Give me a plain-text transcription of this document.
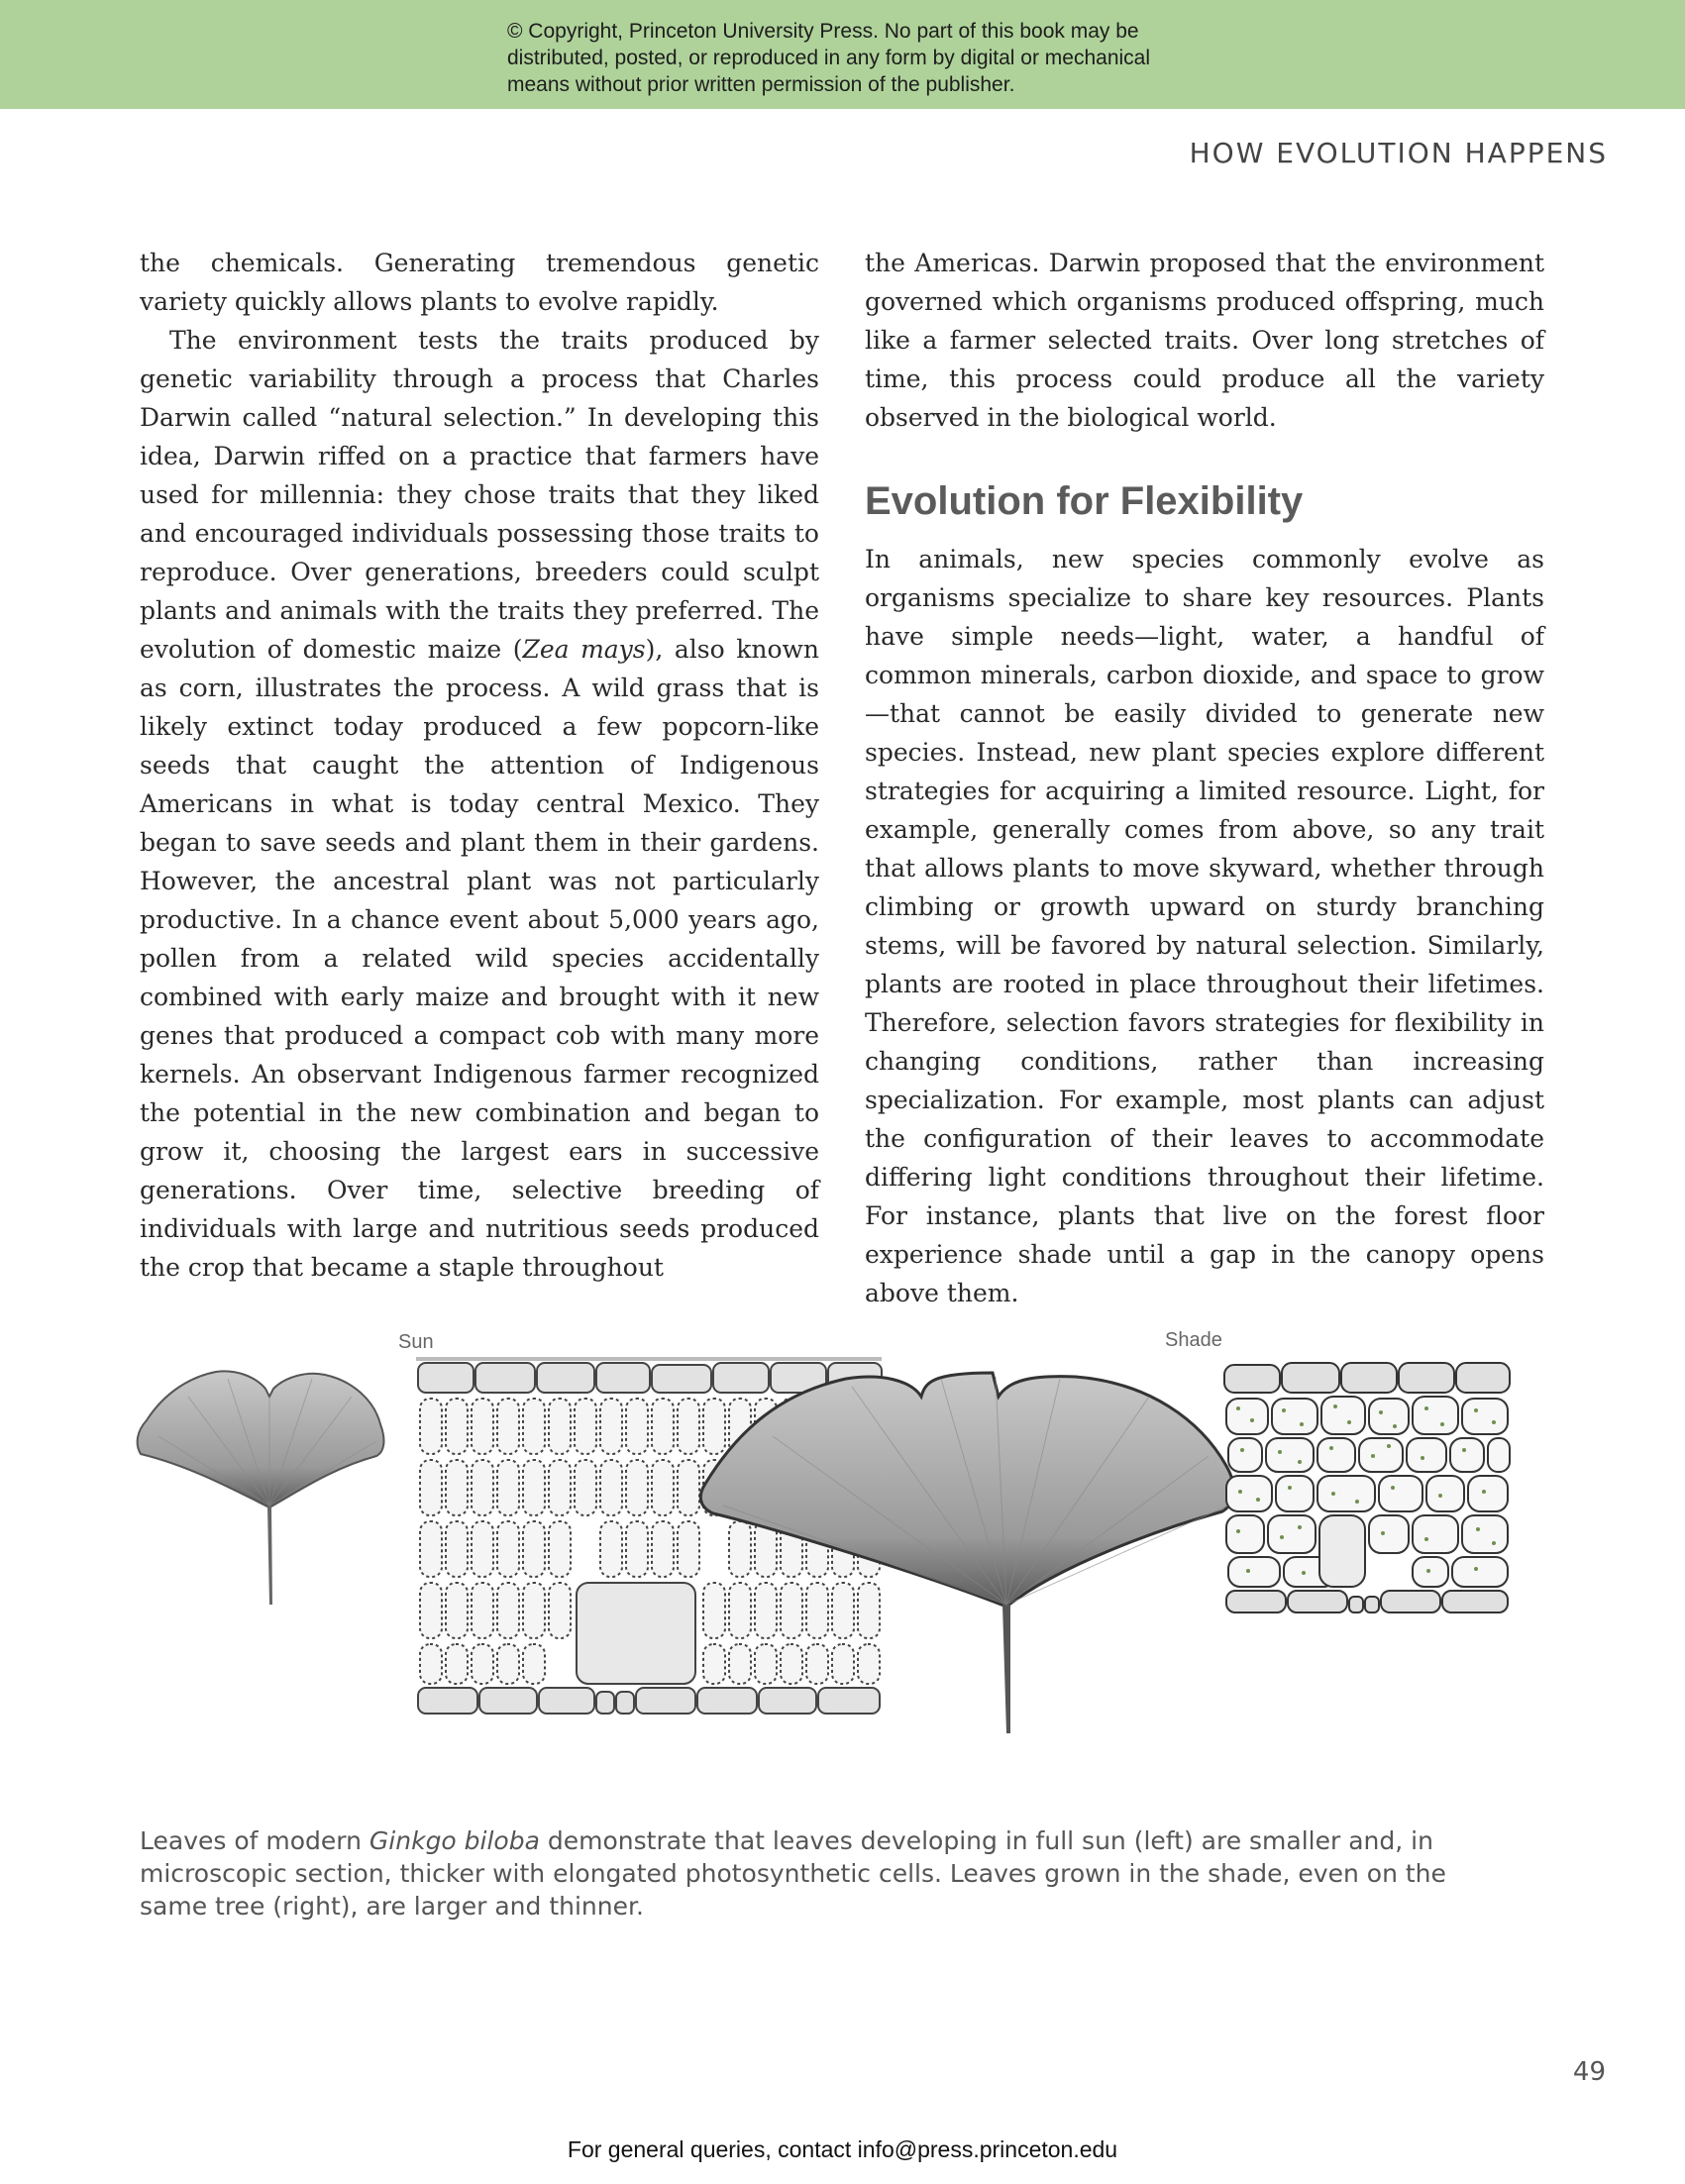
© Copyright, Princeton University Press. No part of this book may be
distributed, posted, or reproduced in any form by digital or mechanical
means without prior written permission of the publisher.
HOW EVOLUTION HAPPENS

the chemicals. Generating tremendous genetic variety quickly allows plants to evolve rapidly.

The environment tests the traits produced by genetic variability through a process that Charles Darwin called “natural selection.” In developing this idea, Darwin riffed on a practice that farmers have used for millennia: they chose traits that they liked and encouraged individuals possessing those traits to reproduce. Over generations, breeders could sculpt plants and animals with the traits they preferred. The evolution of domestic maize (Zea mays), also known as corn, illustrates the process. A wild grass that is likely extinct today produced a few popcorn-like seeds that caught the attention of Indigenous Americans in what is today central Mexico. They began to save seeds and plant them in their gardens. However, the ancestral plant was not particularly productive. In a chance event about 5,000 years ago, pollen from a related wild species accidentally combined with early maize and brought with it new genes that produced a compact cob with many more kernels. An observant Indigenous farmer recognized the potential in the new combination and began to grow it, choosing the largest ears in successive generations. Over time, selective breeding of individuals with large and nutritious seeds produced the crop that became a staple throughout

the Americas. Darwin proposed that the environment governed which organisms produced offspring, much like a farmer selected traits. Over long stretches of time, this process could produce all the variety observed in the biological world.

Evolution for Flexibility

In animals, new species commonly evolve as organisms specialize to share key resources. Plants have simple needs—light, water, a handful of common minerals, carbon dioxide, and space to grow—that cannot be easily divided to generate new species. Instead, new plant species explore different strategies for acquiring a limited resource. Light, for example, generally comes from above, so any trait that allows plants to move skyward, whether through climbing or growth upward on sturdy branching stems, will be favored by natural selection. Similarly, plants are rooted in place throughout their lifetimes. Therefore, selection favors strategies for flexibility in changing conditions, rather than increasing specialization. For example, most plants can adjust the configuration of their leaves to accommodate differing light conditions throughout their lifetime. For instance, plants that live on the forest floor experience shade until a gap in the canopy opens above them.

Sun	Shade
Leaves of modern Ginkgo biloba demonstrate that leaves developing in full sun (left) are smaller and, in microscopic section, thicker with elongated photosynthetic cells. Leaves grown in the shade, even on the same tree (right), are larger and thinner.
49
For general queries, contact info@press.princeton.edu
